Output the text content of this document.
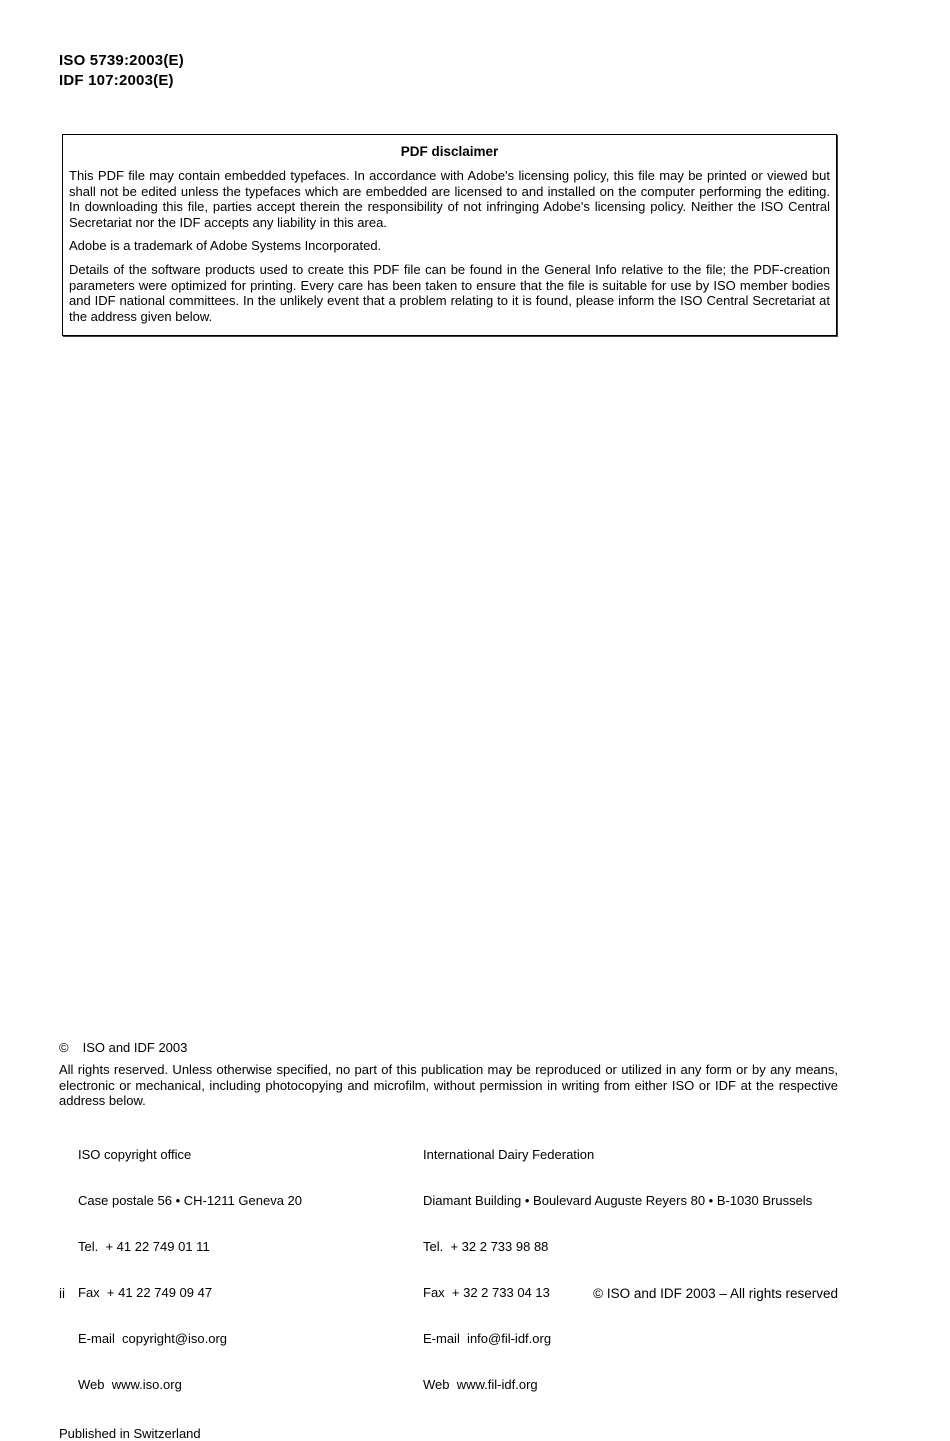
ISO 5739:2003(E)
IDF 107:2003(E)
PDF disclaimer

This PDF file may contain embedded typefaces. In accordance with Adobe's licensing policy, this file may be printed or viewed but shall not be edited unless the typefaces which are embedded are licensed to and installed on the computer performing the editing. In downloading this file, parties accept therein the responsibility of not infringing Adobe's licensing policy. Neither the ISO Central Secretariat nor the IDF accepts any liability in this area.

Adobe is a trademark of Adobe Systems Incorporated.

Details of the software products used to create this PDF file can be found in the General Info relative to the file; the PDF-creation parameters were optimized for printing. Every care has been taken to ensure that the file is suitable for use by ISO member bodies and IDF national committees. In the unlikely event that a problem relating to it is found, please inform the ISO Central Secretariat at the address given below.

© ISO and IDF 2003

All rights reserved. Unless otherwise specified, no part of this publication may be reproduced or utilized in any form or by any means, electronic or mechanical, including photocopying and microfilm, without permission in writing from either ISO or IDF at the respective address below.

ISO copyright office

Case postale 56 • CH-1211 Geneva 20

Tel.  + 41 22 749 01 11

Fax  + 41 22 749 09 47

E-mail  copyright@iso.org

Web  www.iso.org

International Dairy Federation

Diamant Building • Boulevard Auguste Reyers 80 • B-1030 Brussels

Tel.  + 32 2 733 98 88

Fax  + 32 2 733 04 13

E-mail  info@fil-idf.org

Web  www.fil-idf.org

Published in Switzerland
ii	© ISO and IDF 2003 – All rights reserved
